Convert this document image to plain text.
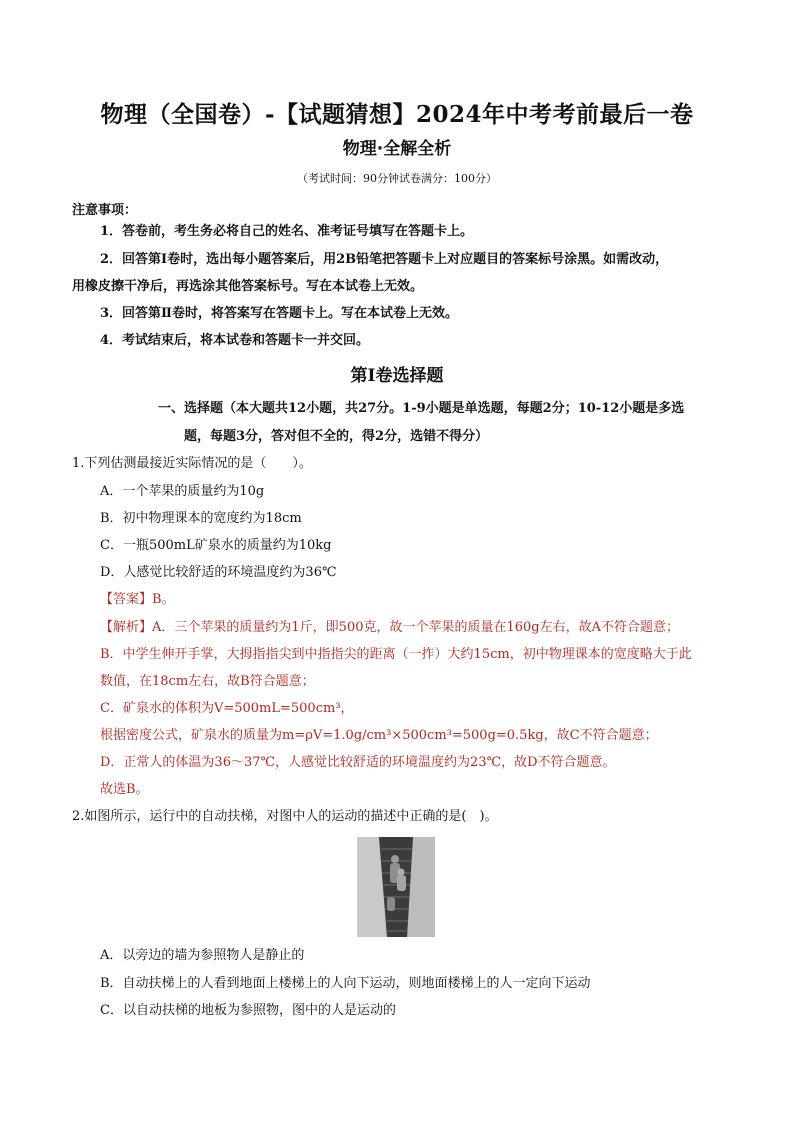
物理（全国卷）-【试题猜想】2024年中考考前最后一卷
物理·全解全析
（考试时间：90分钟试卷满分：100分）
注意事项：
1．答卷前，考生务必将自己的姓名、准考证号填写在答题卡上。
2．回答第Ⅰ卷时，选出每小题答案后，用2B铅笔把答题卡上对应题目的答案标号涂黑。如需改动，
用橡皮擦干净后，再选涂其他答案标号。写在本试卷上无效。
3．回答第Ⅱ卷时，将答案写在答题卡上。写在本试卷上无效。
4．考试结束后，将本试卷和答题卡一并交回。
第Ⅰ卷选择题
一、选择题（本大题共12小题，共27分。1-9小题是单选题，每题2分；10-12小题是多选
题，每题3分，答对但不全的，得2分，选错不得分）
1.下列估测最接近实际情况的是（　　）。
A．一个苹果的质量约为10g
B．初中物理课本的宽度约为18cm
C．一瓶500mL矿泉水的质量约为10kg
D．人感觉比较舒适的环境温度约为36℃
【答案】B。
【解析】A．三个苹果的质量约为1斤，即500克，故一个苹果的质量在160g左右，故A不符合题意；
B．中学生伸开手掌，大拇指指尖到中指指尖的距离（一拃）大约15cm，初中物理课本的宽度略大于此
数值，在18cm左右，故B符合题意；
C．矿泉水的体积为V=500mL=500cm³，
根据密度公式，矿泉水的质量为m=ρV=1.0g/cm³×500cm³=500g=0.5kg，故C不符合题意；
D．正常人的体温为36～37℃，人感觉比较舒适的环境温度约为23℃，故D不符合题意。
故选B。
2.如图所示，运行中的自动扶梯，对图中人的运动的描述中正确的是(　)。
A．以旁边的墙为参照物人是静止的
B．自动扶梯上的人看到地面上楼梯上的人向下运动，则地面楼梯上的人一定向下运动
C．以自动扶梯的地板为参照物，图中的人是运动的
